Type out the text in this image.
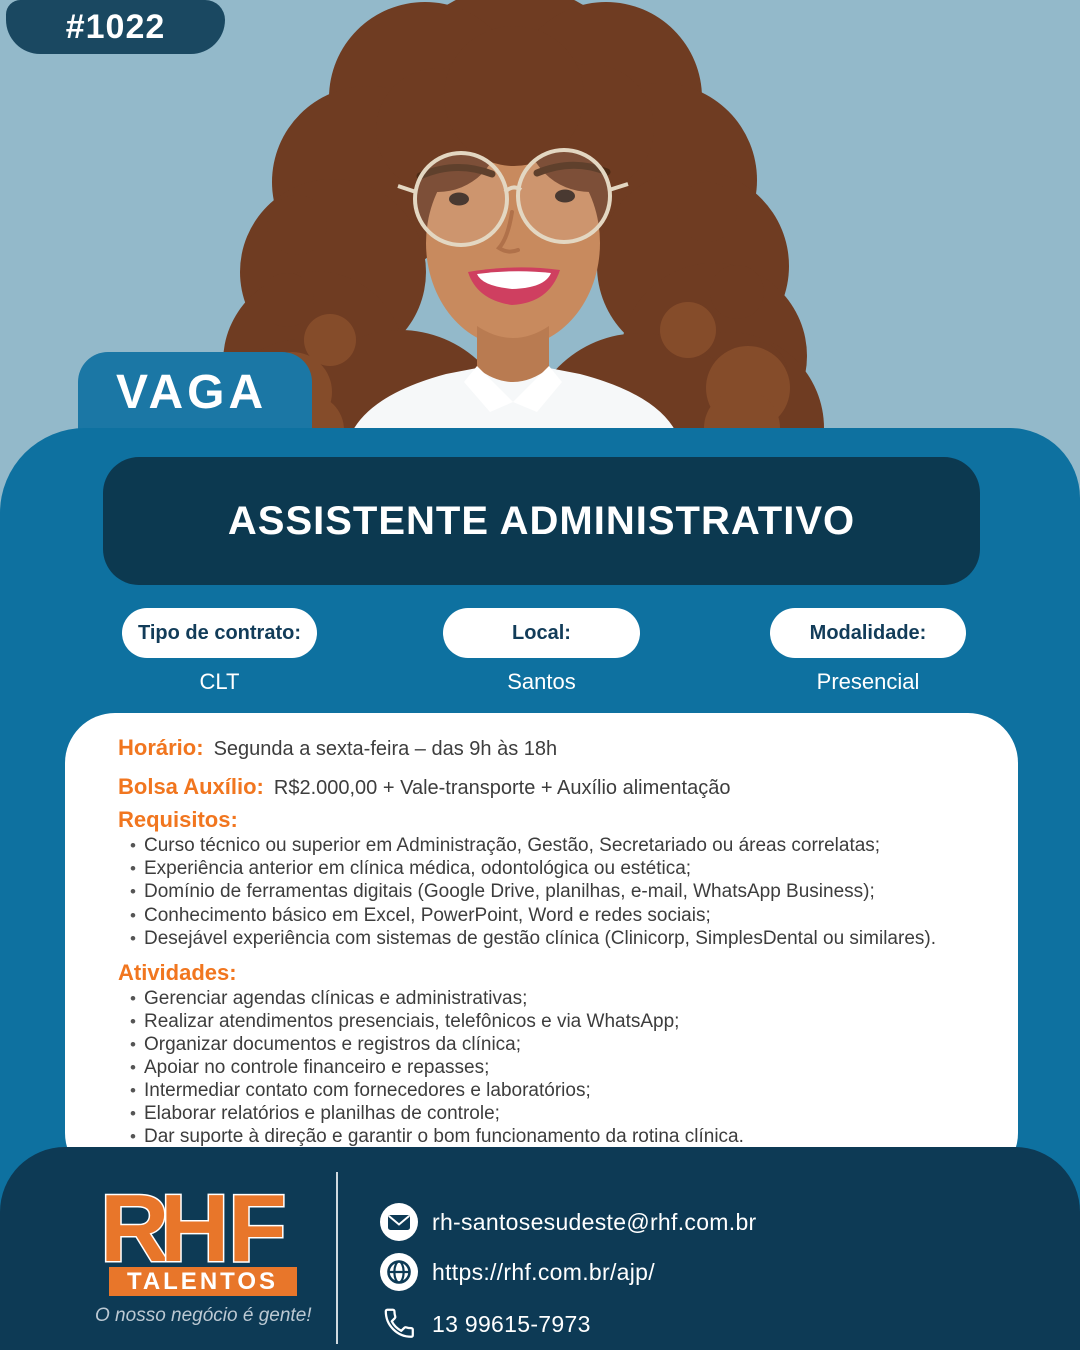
#1022
VAGA
ASSISTENTE ADMINISTRATIVO
Tipo de contrato:
CLT
Local:
Santos
Modalidade:
Presencial
Horário: Segunda a sexta-feira – das 9h às 18h
Bolsa Auxílio: R$2.000,00 + Vale-transporte + Auxílio alimentação
Requisitos:
• Curso técnico ou superior em Administração, Gestão, Secretariado ou áreas correlatas;
• Experiência anterior em clínica médica, odontológica ou estética;
• Domínio de ferramentas digitais (Google Drive, planilhas, e-mail, WhatsApp Business);
• Conhecimento básico em Excel, PowerPoint, Word e redes sociais;
• Desejável experiência com sistemas de gestão clínica (Clinicorp, SimplesDental ou similares).
Atividades:
• Gerenciar agendas clínicas e administrativas;
• Realizar atendimentos presenciais, telefônicos e via WhatsApp;
• Organizar documentos e registros da clínica;
• Apoiar no controle financeiro e repasses;
• Intermediar contato com fornecedores e laboratórios;
• Elaborar relatórios e planilhas de controle;
• Dar suporte à direção e garantir o bom funcionamento da rotina clínica.
R
H
F
TALENTOS
O nosso negócio é gente!
rh-santosesudeste@rhf.com.br
https://rhf.com.br/ajp/
13 99615-7973
